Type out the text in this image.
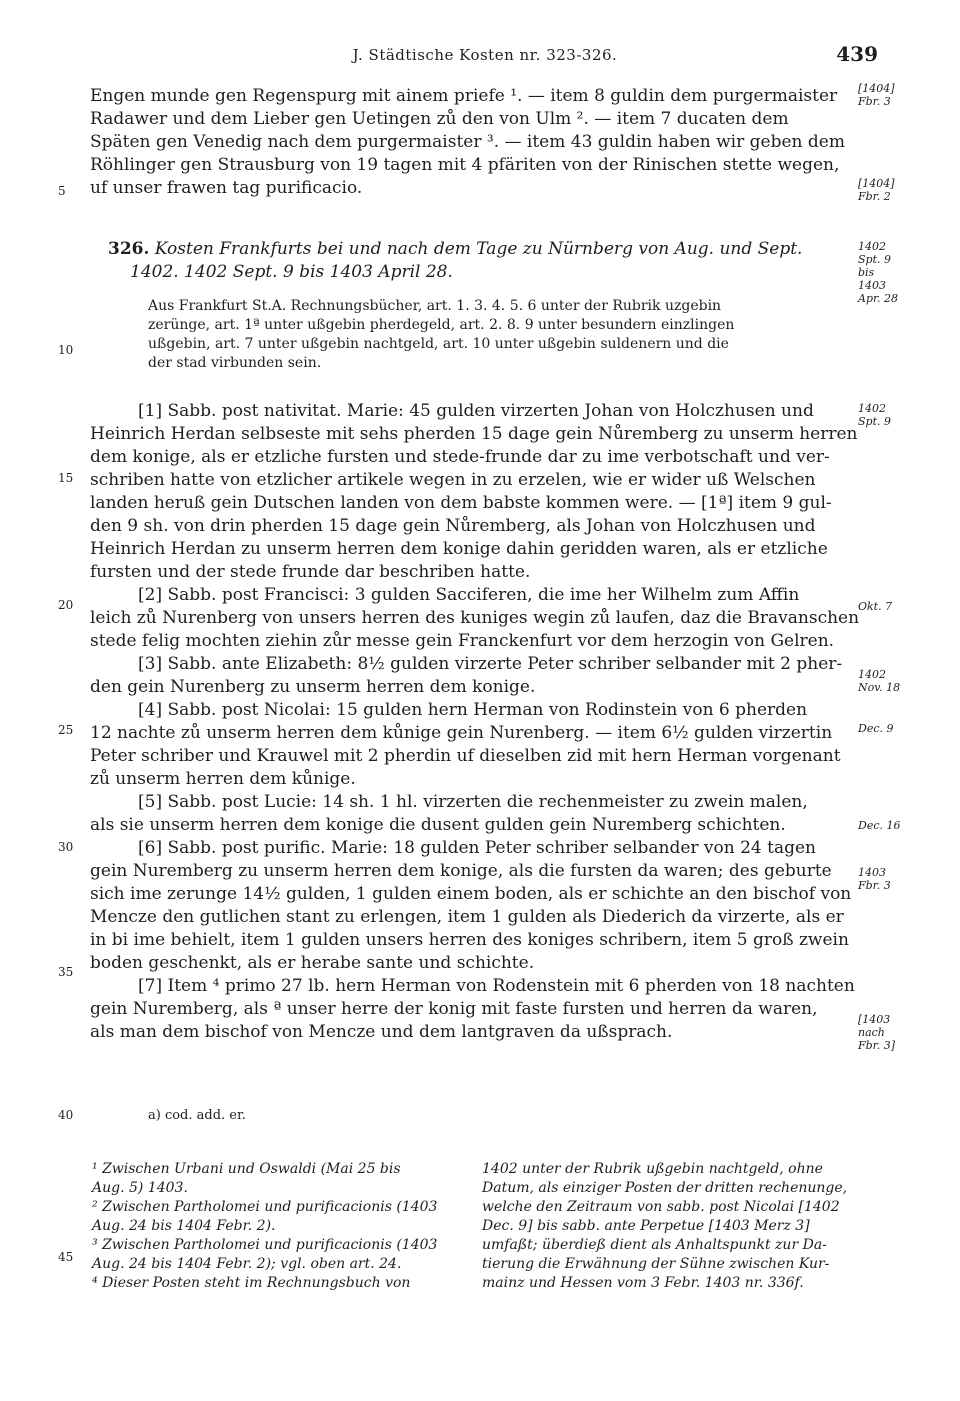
J. Städtische Kosten nr. 323-326.	439
Engen munde gen Regenspurg mit ainem priefe ¹. — item 8 guldin dem purgermaister
Radawer und dem Lieber gen Uetingen zů den von Ulm ². — item 7 ducaten dem
Späten gen Venedig nach dem purgermaister ³. — item 43 guldin haben wir geben dem
Röhlinger gen Strausburg von 19 tagen mit 4 pfäriten von der Rinischen stette wegen,
uf unser frawen tag purificacio.
326. Kosten Frankfurts bei und nach dem Tage zu Nürnberg von Aug. und Sept.
1402. 1402 Sept. 9 bis 1403 April 28.
Aus Frankfurt St.A. Rechnungsbücher, art. 1. 3. 4. 5. 6 unter der Rubrik uzgebin
zerünge, art. 1ª unter ußgebin pherdegeld, art. 2. 8. 9 unter besundern einzlingen
ußgebin, art. 7 unter ußgebin nachtgeld, art. 10 unter ußgebin suldenern und die
der stad virbunden sein.
[1] Sabb. post nativitat. Marie: 45 gulden virzerten Johan von Holczhusen und
Heinrich Herdan selbseste mit sehs pherden 15 dage gein Nůremberg zu unserm herren
dem konige, als er etzliche fursten und stede-frunde dar zu ime verbotschaft und ver-
schriben hatte von etzlicher artikele wegen in zu erzelen, wie er wider uß Welschen
landen heruß gein Dutschen landen von dem babste kommen were. — [1ª] item 9 gul-
den 9 sh. von drin pherden 15 dage gein Nůremberg, als Johan von Holczhusen und
Heinrich Herdan zu unserm herren dem konige dahin geridden waren, als er etzliche
fursten und der stede frunde dar beschriben hatte.
[2] Sabb. post Francisci: 3 gulden Sacciferen, die ime her Wilhelm zum Affin
leich zů Nurenberg von unsers herren des kuniges wegin zů laufen, daz die Bravanschen
stede felig mochten ziehin zůr messe gein Franckenfurt vor dem herzogin von Gelren.
[3] Sabb. ante Elizabeth: 8½ gulden virzerte Peter schriber selbander mit 2 pher-
den gein Nurenberg zu unserm herren dem konige.
[4] Sabb. post Nicolai: 15 gulden hern Herman von Rodinstein von 6 pherden
12 nachte zů unserm herren dem kůnige gein Nurenberg. — item 6½ gulden virzertin
Peter schriber und Krauwel mit 2 pherdin uf dieselben zid mit hern Herman vorgenant
zů unserm herren dem kůnige.
[5] Sabb. post Lucie: 14 sh. 1 hl. virzerten die rechenmeister zu zwein malen,
als sie unserm herren dem konige die dusent gulden gein Nuremberg schichten.
[6] Sabb. post purific. Marie: 18 gulden Peter schriber selbander von 24 tagen
gein Nuremberg zu unserm herren dem konige, als die fursten da waren; des geburte
sich ime zerunge 14½ gulden, 1 gulden einem boden, als er schichte an den bischof von
Mencze den gutlichen stant zu erlengen, item 1 gulden als Diederich da virzerte, als er
in bi ime behielt, item 1 gulden unsers herren des koniges schribern, item 5 groß zwein
boden geschenkt, als er herabe sante und schichte.
[7] Item ⁴ primo 27 lb. hern Herman von Rodenstein mit 6 pherden von 18 nachten
gein Nuremberg, als ª unser herre der konig mit faste fursten und herren da waren,
als man dem bischof von Mencze und dem lantgraven da ußsprach.
[1404]
Fbr. 3
[1404]
Fbr. 2
1402
Spt. 9
bis
1403
Apr. 28
1402
Spt. 9
Okt. 7
1402
Nov. 18
Dec. 9
Dec. 16
1403
Fbr. 3
[1403
nach
Fbr. 3]
5
10
15
20
25
30
35
40
45
a) cod. add. er.
¹ Zwischen Urbani und Oswaldi (Mai 25 bis
Aug. 5) 1403.
² Zwischen Partholomei und purificacionis (1403
Aug. 24 bis 1404 Febr. 2).
³ Zwischen Partholomei und purificacionis (1403
Aug. 24 bis 1404 Febr. 2); vgl. oben art. 24.
⁴ Dieser Posten steht im Rechnungsbuch von
1402 unter der Rubrik ußgebin nachtgeld, ohne
Datum, als einziger Posten der dritten rechenunge,
welche den Zeitraum von sabb. post Nicolai [1402
Dec. 9] bis sabb. ante Perpetue [1403 Merz 3]
umfaßt; überdieß dient als Anhaltspunkt zur Da-
tierung die Erwähnung der Sühne zwischen Kur-
mainz und Hessen vom 3 Febr. 1403 nr. 336f.
